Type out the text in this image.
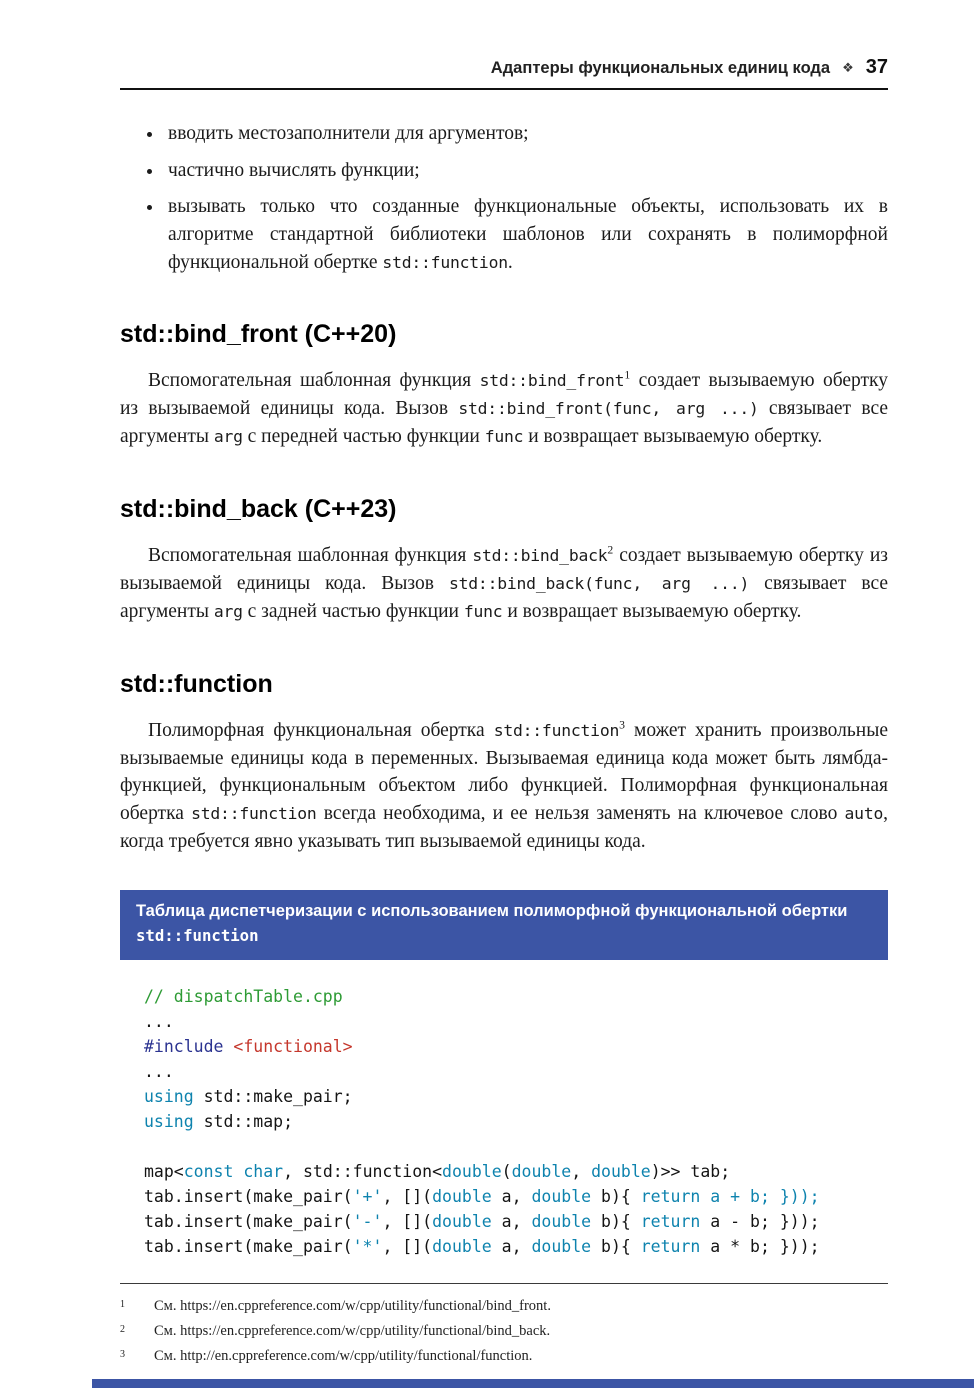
Адаптеры функциональных единиц кода ❖ 37
• вводить местозаполнители для аргументов;
• частично вычислять функции;
• вызывать только что созданные функциональные объекты, использовать их в алгоритме стандартной библиотеки шаблонов или сохранять в полиморфной функциональной обертке std::function.
std::bind_front (C++20)

Вспомогательная шаблонная функция std::bind_front$^1$ создает вызываемую обертку из вызываемой единицы кода. Вызов std::bind_front(func, arg ...) связывает все аргументы arg с передней частью функции func и возвращает вызываемую обертку.

std::bind_back (C++23)

Вспомогательная шаблонная функция std::bind_back$^2$ создает вызываемую обертку из вызываемой единицы кода. Вызов std::bind_back(func, arg ...) связывает все аргументы arg с задней частью функции func и возвращает вызываемую обертку.

std::function

Полиморфная функциональная обертка std::function$^3$ может хранить произвольные вызываемые единицы кода в переменных. Вызываемая единица кода может быть лямбда-функцией, функциональным объектом либо функцией. Полиморфная функциональная обертка std::function всегда необходима, и ее нельзя заменять на ключевое слово auto, когда требуется явно указывать тип вызываемой единицы кода.

Таблица диспетчеризации с использованием полиморфной функциональной обертки std::function
// dispatchTable.cpp
...
#include <functional>
...
using std::make_pair;
using std::map;

map<const char, std::function<double(double, double)>> tab;
tab.insert(make_pair('+', [](double a, double b){ return a + b; }));
tab.insert(make_pair('-', [](double a, double b){ return a - b; }));
tab.insert(make_pair('*', [](double a, double b){ return a * b; }));
1	См. https://en.cppreference.com/w/cpp/utility/functional/bind_front.
2	См. https://en.cppreference.com/w/cpp/utility/functional/bind_back.
3	См. http://en.cppreference.com/w/cpp/utility/functional/function.
